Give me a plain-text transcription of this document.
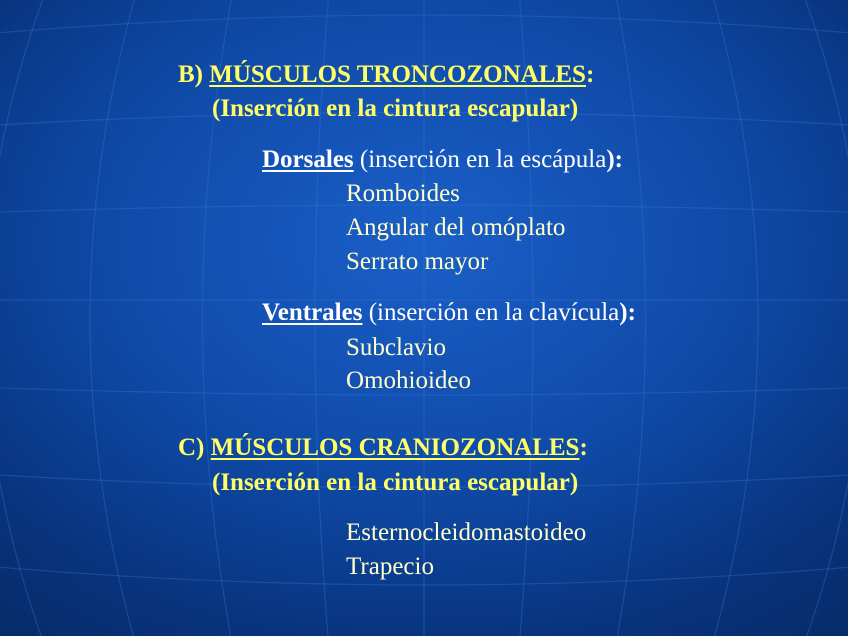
B) MÚSCULOS TRONCOZONALES:
(Inserción en la cintura escapular)
Dorsales (inserción en la escápula):
Romboides
Angular del omóplato
Serrato mayor
Ventrales (inserción en la clavícula):
Subclavio
Omohioideo
C) MÚSCULOS CRANIOZONALES:
(Inserción en la cintura escapular)
Esternocleidomastoideo
Trapecio
